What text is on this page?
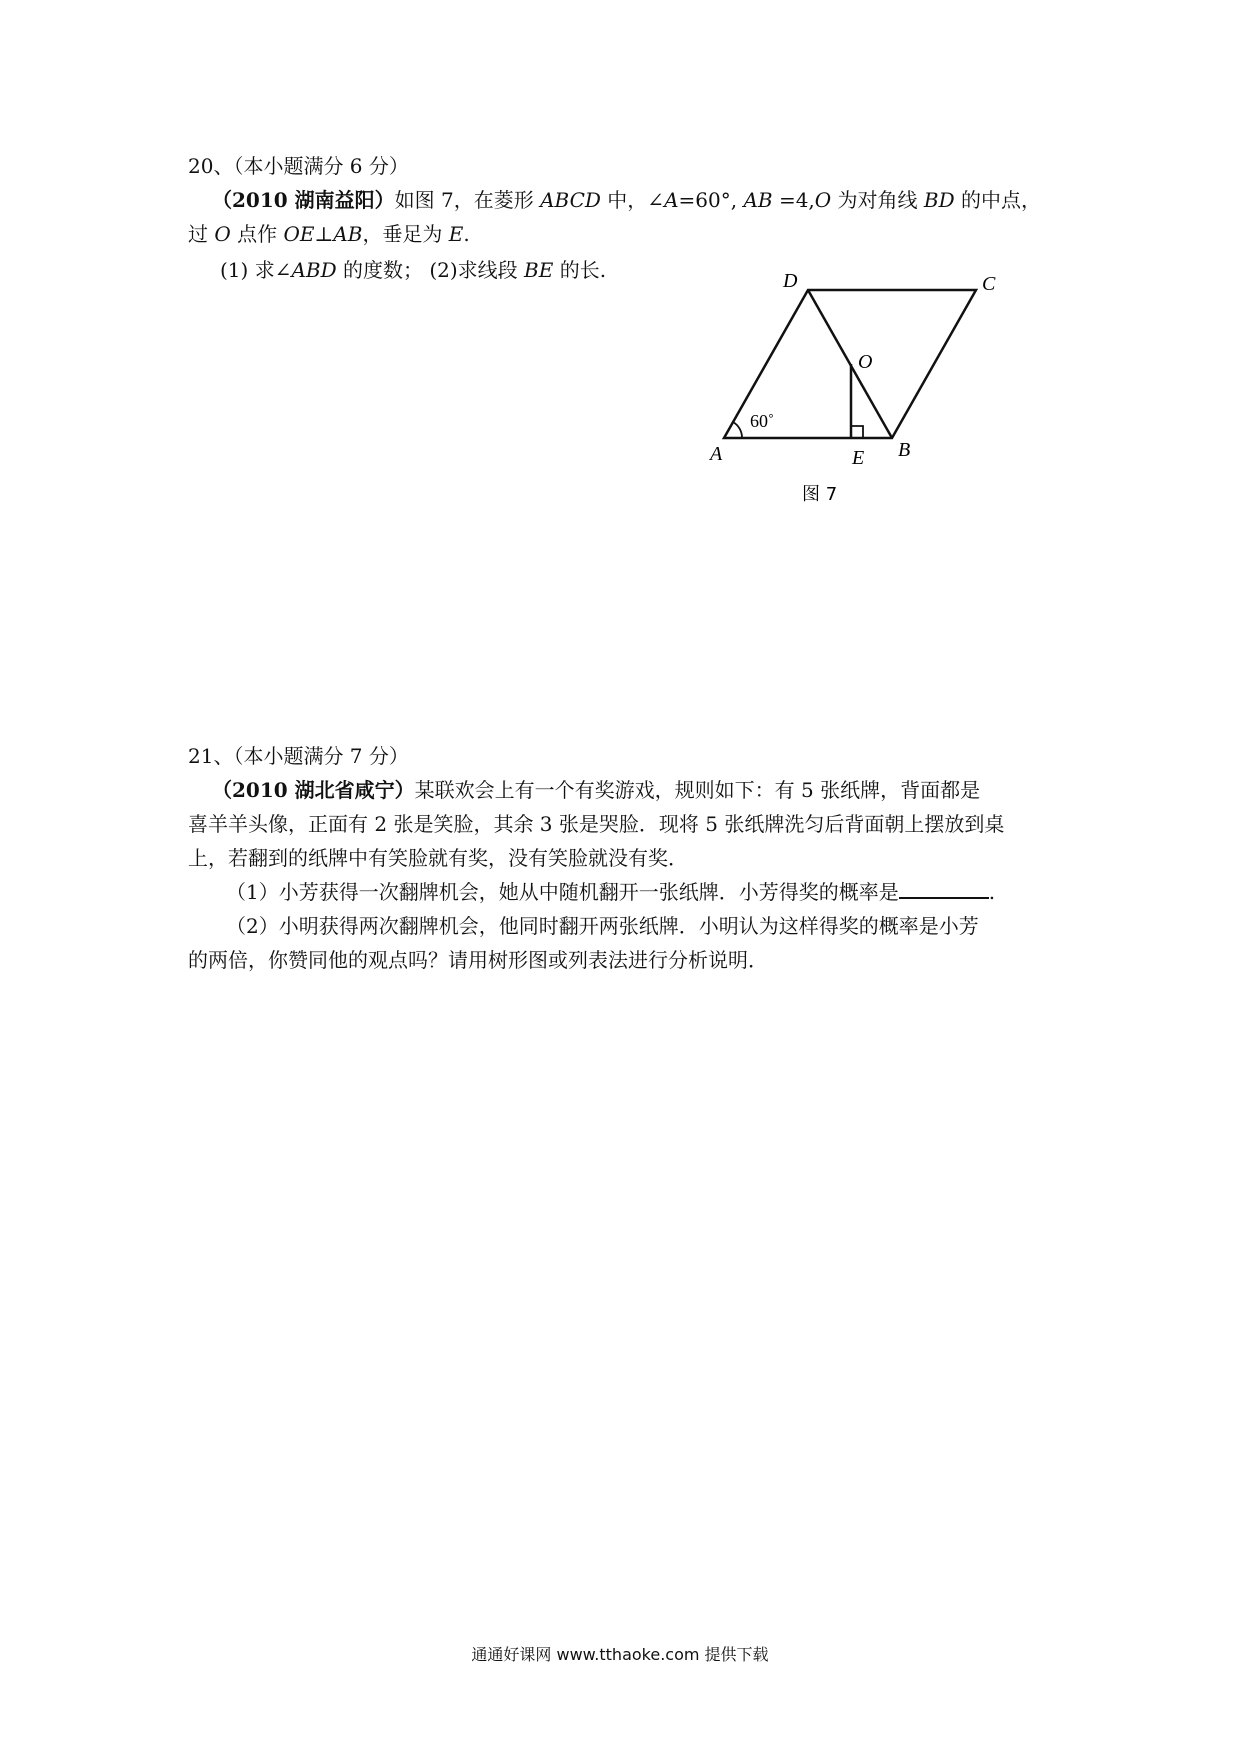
20、（本小题满分 6 分）
（2010 湖南益阳）如图 7，在菱形 ABCD 中，∠A=60°, AB =4,O 为对角线 BD 的中点，
过 O 点作 OE⊥AB，垂足为 E.
(1) 求∠ABD 的度数； (2)求线段 BE 的长.	D	C
O
A	E B
60˚
图 7
21、（本小题满分 7 分）
（2010 湖北省咸宁）某联欢会上有一个有奖游戏，规则如下：有 5 张纸牌，背面都是
喜羊羊头像，正面有 2 张是笑脸，其余 3 张是哭脸．现将 5 张纸牌洗匀后背面朝上摆放到桌
上，若翻到的纸牌中有笑脸就有奖，没有笑脸就没有奖．
（1）小芳获得一次翻牌机会，她从中随机翻开一张纸牌．小芳得奖的概率是	.
（2）小明获得两次翻牌机会，他同时翻开两张纸牌．小明认为这样得奖的概率是小芳
的两倍，你赞同他的观点吗？请用树形图或列表法进行分析说明．
通通好课网 www.tthaoke.com 提供下载
